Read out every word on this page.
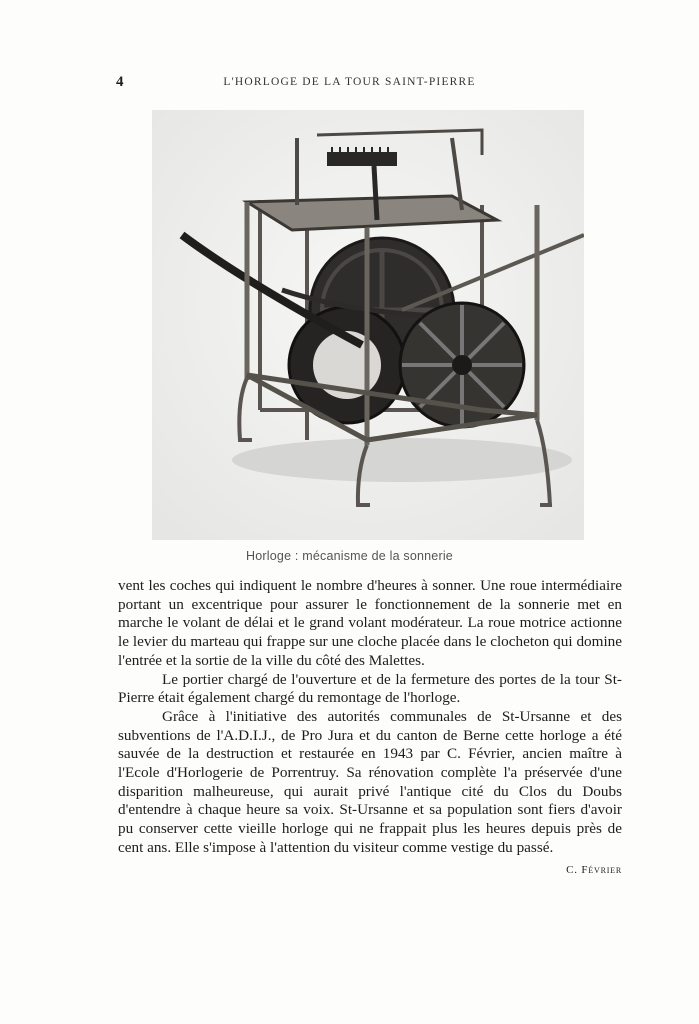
4	L'HORLOGE DE LA TOUR SAINT-PIERRE
Horloge : mécanisme de la sonnerie

vent les coches qui indiquent le nombre d'heures à sonner. Une roue intermédiaire portant un excentrique pour assurer le fonctionnement de la sonnerie met en marche le volant de délai et le grand volant modérateur. La roue motrice actionne le levier du marteau qui frappe sur une cloche placée dans le clocheton qui domine l'entrée et la sortie de la ville du côté des Malettes.

Le portier chargé de l'ouverture et de la fermeture des portes de la tour St-Pierre était également chargé du remontage de l'horloge.

Grâce à l'initiative des autorités communales de St-Ursanne et des subventions de l'A.D.I.J., de Pro Jura et du canton de Berne cette horloge a été sauvée de la destruction et restaurée en 1943 par C. Février, ancien maître à l'Ecole d'Horlogerie de Porrentruy. Sa rénovation complète l'a préservée d'une disparition malheureuse, qui aurait privé l'antique cité du Clos du Doubs d'entendre à chaque heure sa voix. St-Ursanne et sa population sont fiers d'avoir pu conserver cette vieille horloge qui ne frappait plus les heures depuis près de cent ans. Elle s'impose à l'attention du visiteur comme vestige du passé.
C. Février
